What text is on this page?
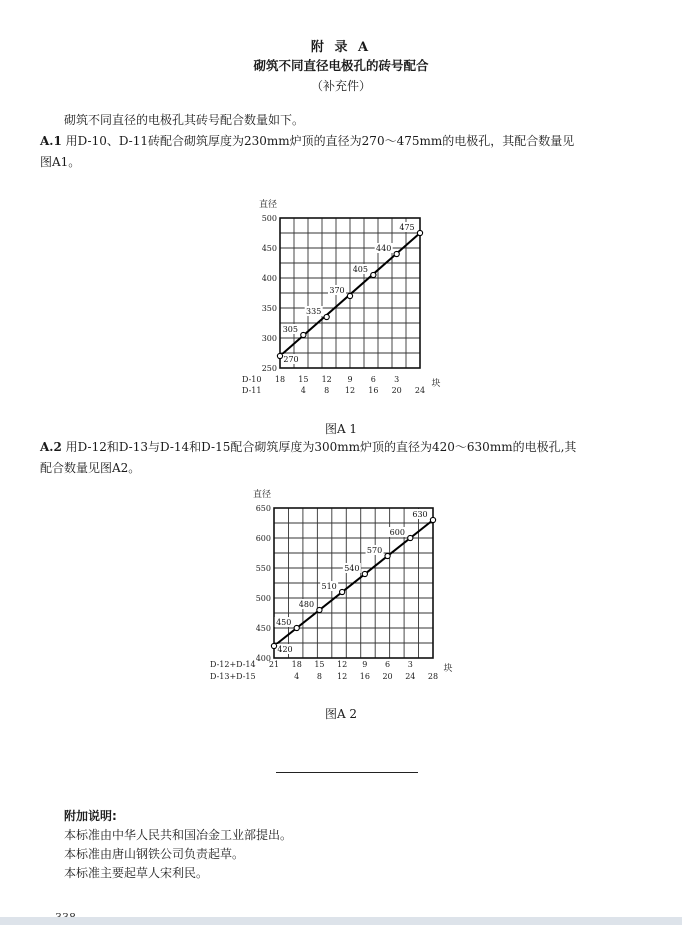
附 录 A
砌筑不同直径电极孔的砖号配合
（补充件）
砌筑不同直径的电极孔其砖号配合数量如下。
A.1 用D-10、D-11砖配合砌筑厚度为230mm炉顶的直径为270～475mm的电极孔，其配合数量见
图A1。
直径
500
450
400
350
300
250
270
305
335
370
405
440
475
D-10
D-11
18 15 12 9 6 3
4 8 12 16 20 24
块
图A 1
A.2 用D-12和D-13与D-14和D-15配合砌筑厚度为300mm炉顶的直径为420～630mm的电极孔,其
配合数量见图A2。
直径
650
600
550
500
450
400
420
450
480
510
540
570
600
630
D-12+D-14
D-13+D-15
21 18 15 12 9 6 3
4 8 12 16 20 24 28
块
图A 2
附加说明:
本标准由中华人民共和国冶金工业部提出。
本标准由唐山钢铁公司负责起草。
本标准主要起草人宋利民。
